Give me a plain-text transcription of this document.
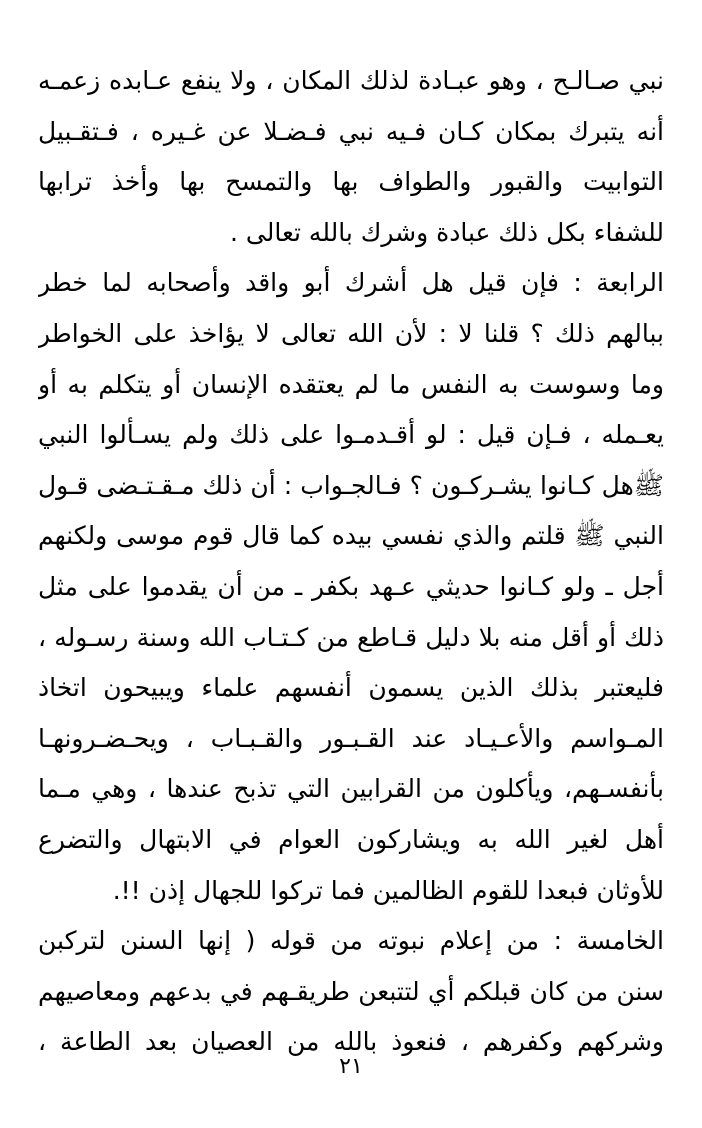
نبي صـالـح ، وهو عبـادة لذلك المكان ، ولا ينفع عـابده زعمـه
أنه يتبرك بمكان كـان فـيه نبي فـضـلا عن غـيره ، فـتقـبيل
التوابيت والقبور والطواف بها والتمسح بها وأخذ ترابها
للشفاء بكل ذلك عبادة وشرك بالله تعالى .
الرابعة : فإن قيل هل أشرك أبو واقد وأصحابه لما خطر
ببالهم ذلك ؟ قلنا لا : لأن الله تعالى لا يؤاخذ على الخواطر
وما وسوست به النفس ما لم يعتقده الإنسان أو يتكلم به أو
يعـمله ، فـإن قيل : لو أقـدمـوا على ذلك ولم يسـألوا النبي
ﷺهل كـانوا يشـركـون ؟ فـالجـواب : أن ذلك مـقـتـضى قـول
النبي ﷺ قلتم والذي نفسي بيده كما قال قوم موسى ولكنهم
أجل ـ ولو كـانوا حديثي عـهد بكفر ـ من أن يقدموا على مثل
ذلك أو أقل منه بلا دليل قـاطع من كـتـاب الله وسنة رسـوله ،
فليعتبر بذلك الذين يسمون أنفسهم علماء ويبيحون اتخاذ
المـواسم والأعـيـاد عند القـبـور والقـبـاب ، ويحـضـرونهـا
بأنفسـهم، ويأكلون من القرابين التي تذبح عندها ، وهي مـما
أهل لغير الله به ويشاركون العوام في الابتهال والتضرع
للأوثان فبعدا للقوم الظالمين فما تركوا للجهال إذن !!.
الخامسة : من إعلام نبوته من قوله ( إنها السنن لتركبن
سنن من كان قبلكم أي لتتبعن طريقـهم في بدعهم ومعاصيهم
وشركهم وكفرهم ، فنعوذ بالله من العصيان بعد الطاعة ،
٢١
